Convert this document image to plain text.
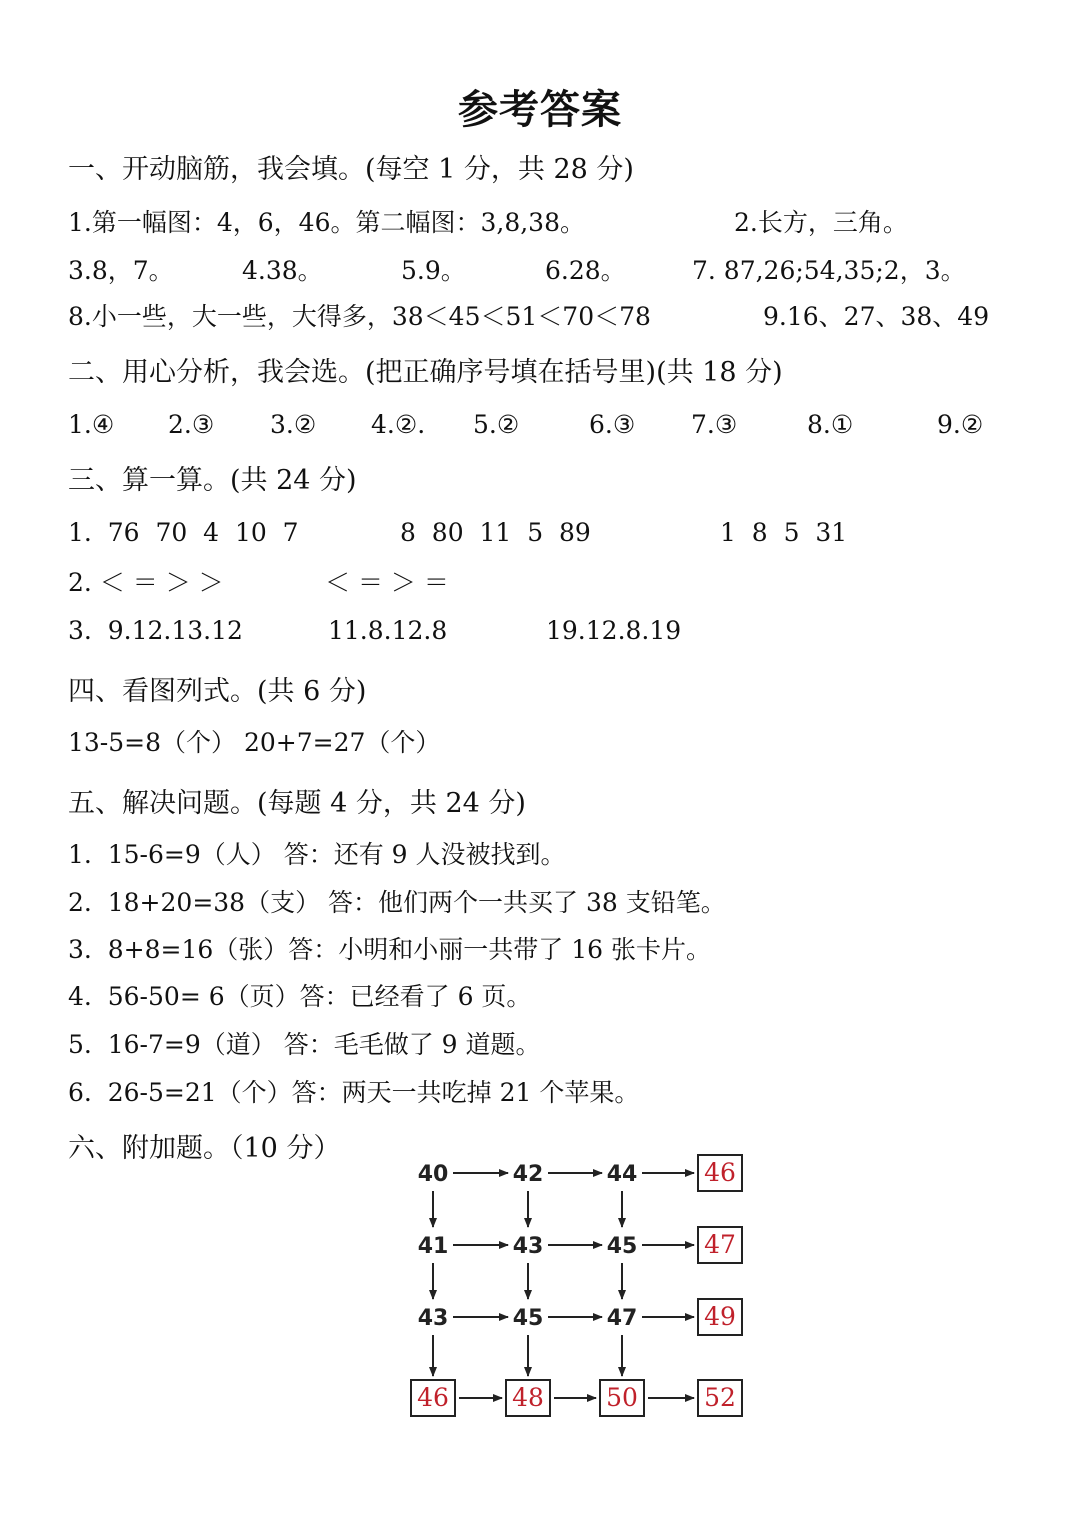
参考答案
一、开动脑筋，我会填。(每空 1 分，共 28 分)
1.第一幅图：4，6，46。第二幅图：3,8,38。	2.长方，三角。
3.8，7。	4.38。	5.9。	6.28。	7. 87,26;54,35;2，3。
8.小一些，大一些，大得多，38＜45＜51＜70＜78	9.16、27、38、49
二、用心分析，我会选。(把正确序号填在括号里)(共 18 分)
1.④ 2.③ 3.② 4.②. 5.②	6.③ 7.③	8.①	9.②
三、算一算。(共 24 分)
1.  76  70  4  10  7	8  80  11  5  89	1  8  5  31
2. ＜ ＝ ＞ ＞	＜ ＝ ＞ ＝
3.  9.12.13.12	11.8.12.8	19.12.8.19
四、看图列式。(共 6 分)
13-5=8（个） 20+7=27（个）
五、解决问题。(每题 4 分，共 24 分)
1.  15-6=9（人） 答：还有 9 人没被找到。
2.  18+20=38（支） 答：他们两个一共买了 38 支铅笔。
3.  8+8=16（张）答：小明和小丽一共带了 16 张卡片。
4.  56-50= 6（页）答：已经看了 6 页。
5.  16-7=9（道） 答：毛毛做了 9 道题。
6.  26-5=21（个）答：两天一共吃掉 21 个苹果。
六、附加题。（10 分）
40	42	44	46
41	43	45	47
43	45	47	49
46	48 50	52
